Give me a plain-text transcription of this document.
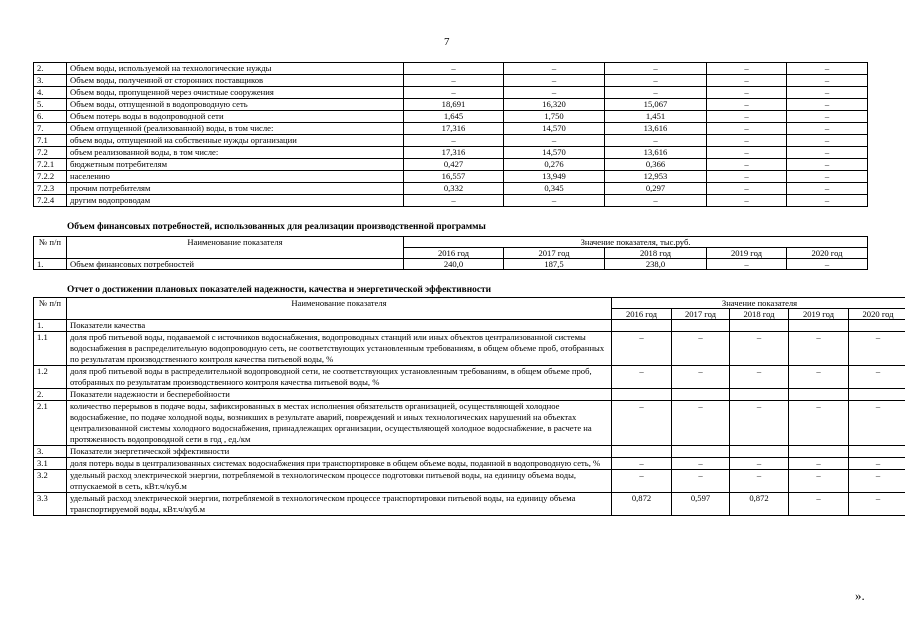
7
2.	Объем воды, используемой на технологические нужды	–	–	–	–	–
3.	Объем воды, полученной от сторонних поставщиков	–	–	–	–	–
4.	Объем воды, пропущенной через очистные сооружения	–	–	–	–	–
5.	Объем воды, отпущенной в водопроводную сеть	18,691	16,320	15,067	–	–
6.	Объем потерь воды в водопроводной сети	1,645	1,750	1,451	–	–
7.	Объем отпущенной (реализованной) воды, в том числе:	17,316	14,570	13,616	–	–
7.1	объем воды, отпущенной на собственные нужды организации	–	–	–	–	–
7.2	объем реализованной воды, в том числе:	17,316	14,570	13,616	–	–
7.2.1	бюджетным потребителям	0,427	0,276	0,366	–	–
7.2.2	населению	16,557	13,949	12,953	–	–
7.2.3	прочим потребителям	0,332	0,345	0,297	–	–
7.2.4	другим водопроводам	–	–	–	–	–
Объем финансовых потребностей, использованных для реализации производственной программы
№ п/п	Наименование показателя	Значение показателя, тыс.руб.				
		2016 год	2017 год	2018 год	2019 год	2020 год
1.	Объем финансовых потребностей	240,0	187,5	238,0	–	–
Отчет о достижении плановых показателей надежности, качества и энергетической эффективности
№ п/п	Наименование показателя	Значение показателя				
		2016 год	2017 год	2018 год	2019 год	2020 год
1.	Показатели качества					
1.1	доля проб питьевой воды, подаваемой с источников водоснабжения, водопроводных станций или иных объектов централизованной системы водоснабжения в распределительную водопроводную сеть, не соответствующих установленным требованиям, в общем объеме проб, отобранных по результатам производственного контроля качества питьевой воды, %	–	–	–	–	–
1.2	доля проб питьевой воды в распределительной водопроводной сети, не соответствующих установленным требованиям, в общем объеме проб, отобранных по результатам производственного контроля качества питьевой воды, %	–	–	–	–	–
2.	Показатели надежности и бесперебойности					
2.1	количество перерывов в подаче воды, зафиксированных в местах исполнения обязательств организацией, осуществляющей холодное водоснабжение, по подаче холодной воды, возникших в результате аварий, повреждений и иных технологических нарушений на объектах централизованной системы холодного водоснабжения, принадлежащих организации, осуществляющей холодное водоснабжение, в расчете на протяженность водопроводной сети в год , ед./км	–	–	–	–	–
3.	Показатели энергетической эффективности					
3.1	доля потерь воды в централизованных системах водоснабжения при транспортировке в общем объеме воды, поданной в водопроводную сеть, %	–	–	–	–	–
3.2	удельный расход электрической энергии, потребляемой в технологическом процессе подготовки питьевой воды, на единицу объема воды, отпускаемой в сеть, кВт.ч/куб.м	–	–	–	–	–
3.3	удельный расход электрической энергии, потребляемой в технологическом процессе транспортировки питьевой воды, на единицу объема транспортируемой воды, кВт.ч/куб.м	0,872	0,597	0,872	–	–
».
